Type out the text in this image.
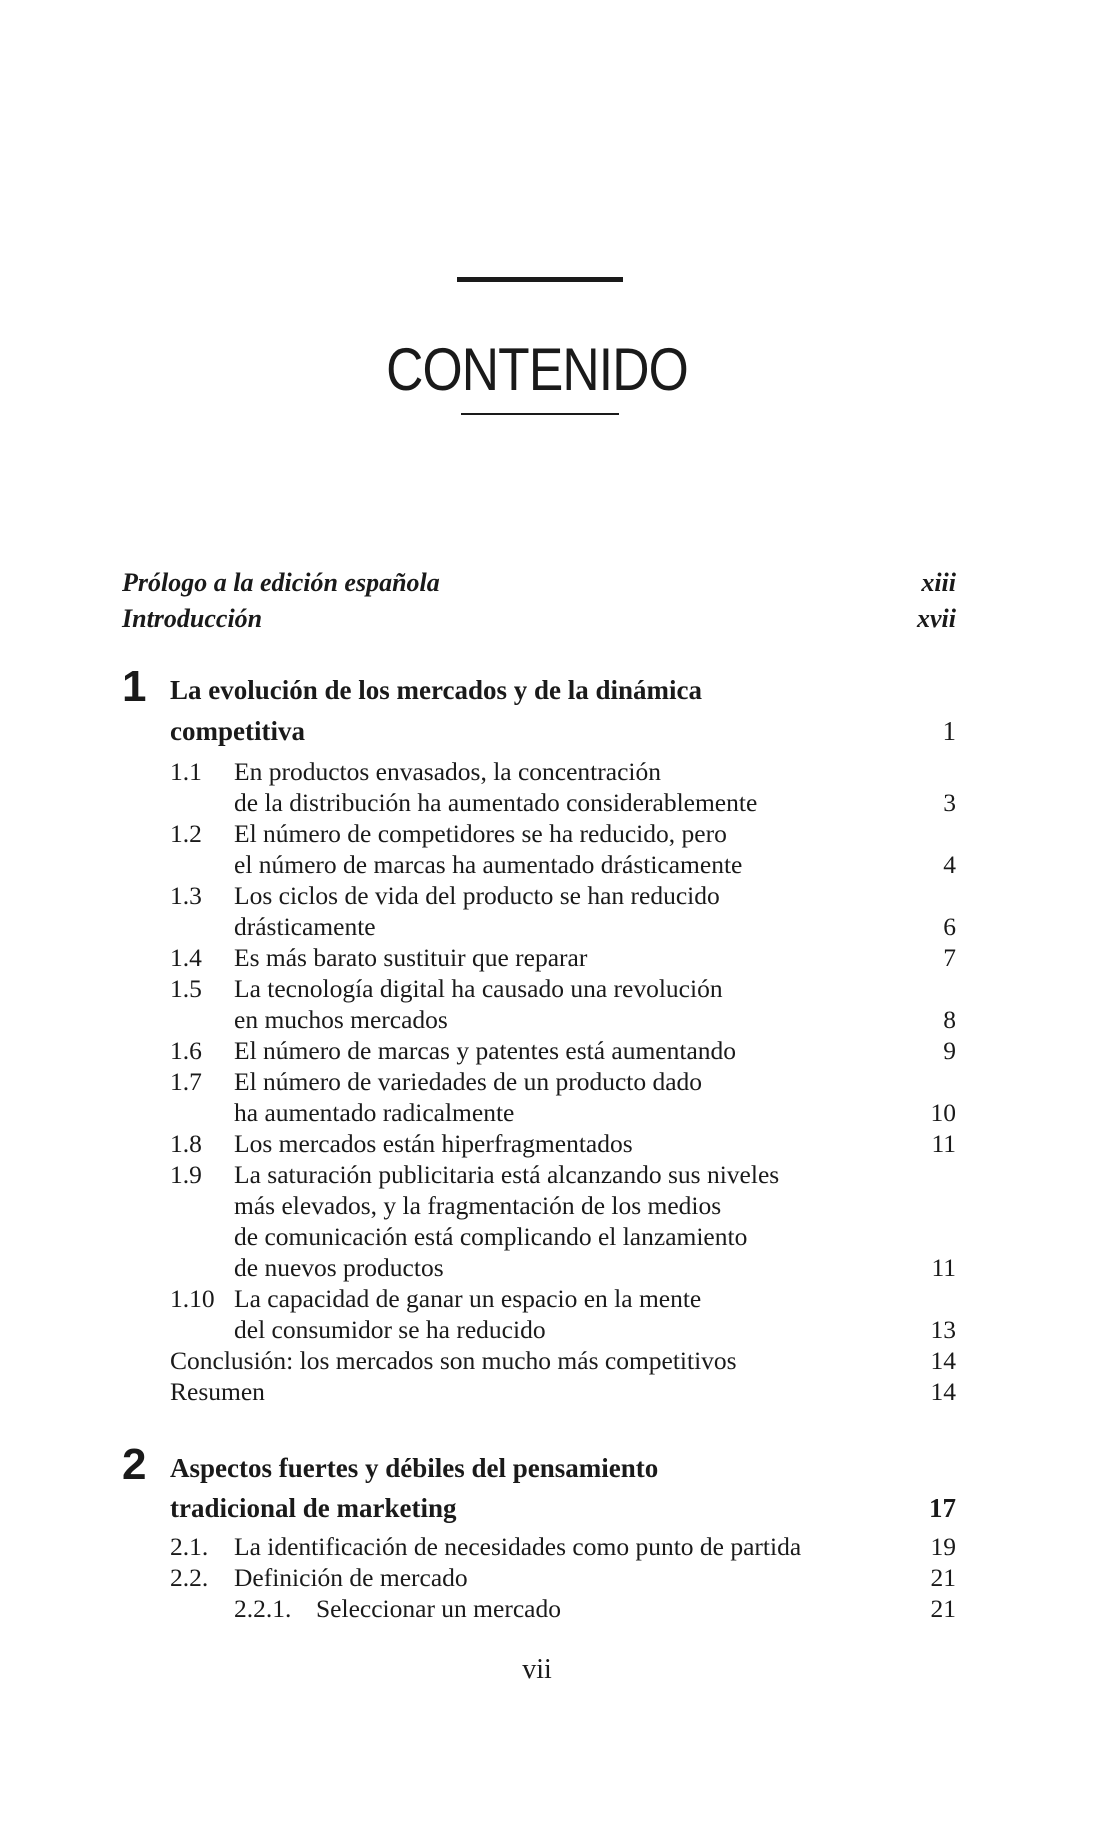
CONTENIDO
Prólogo a la edición española	xiii
Introducción	xvii
1 La evolución de los mercados y de la dinámica
competitiva	1
1.1 En productos envasados, la concentración
de la distribución ha aumentado considerablemente	3
1.2 El número de competidores se ha reducido, pero
el número de marcas ha aumentado drásticamente	4
1.3 Los ciclos de vida del producto se han reducido
drásticamente	6
1.4 Es más barato sustituir que reparar	7
1.5 La tecnología digital ha causado una revolución
en muchos mercados	8
1.6 El número de marcas y patentes está aumentando	9
1.7 El número de variedades de un producto dado
ha aumentado radicalmente	10
1.8 Los mercados están hiperfragmentados	11
1.9 La saturación publicitaria está alcanzando sus niveles
más elevados, y la fragmentación de los medios
de comunicación está complicando el lanzamiento
de nuevos productos	11
1.10 La capacidad de ganar un espacio en la mente
del consumidor se ha reducido	13
Conclusión: los mercados son mucho más competitivos	14
Resumen	14
2 Aspectos fuertes y débiles del pensamiento
tradicional de marketing	17
2.1. La identificación de necesidades como punto de partida	19
2.2. Definición de mercado	21
2.2.1. Seleccionar un mercado	21
vii
